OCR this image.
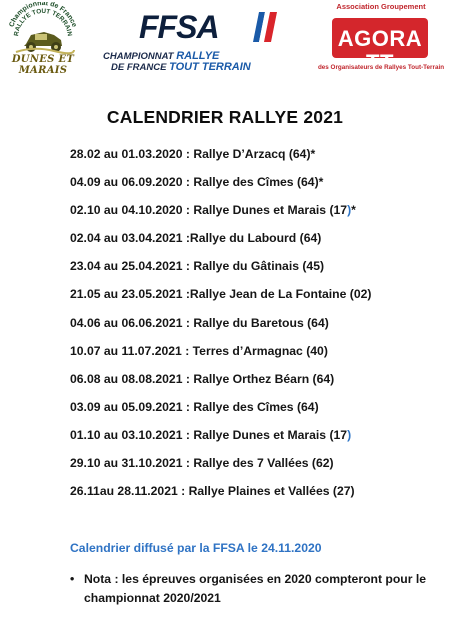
Championnat de France
RALLYE TOUT TERRAIN
DUNES ET MARAIS
FFSA
CHAMPIONNAT RALLYE
DE FRANCE TOUT TERRAIN
Association Groupement
AGORA TT
des Organisateurs de Rallyes Tout-Terrain
CALENDRIER RALLYE 2021
28.02 au 01.03.2020 : Rallye D’Arzacq (64)*
04.09 au 06.09.2020 : Rallye des Cîmes (64)*
02.10 au 04.10.2020 : Rallye Dunes et Marais (17)*
02.04 au 03.04.2021 :Rallye du Labourd (64)
23.04 au 25.04.2021 : Rallye du Gâtinais (45)
21.05 au 23.05.2021 :Rallye Jean de La Fontaine (02)
04.06 au 06.06.2021 : Rallye du Baretous (64)
10.07 au 11.07.2021 : Terres d’Armagnac (40)
06.08 au 08.08.2021 : Rallye Orthez Béarn (64)
03.09 au 05.09.2021 : Rallye des Cîmes (64)
01.10 au 03.10.2021 : Rallye Dunes et Marais (17)
29.10 au 31.10.2021 : Rallye des 7 Vallées (62)
26.11au 28.11.2021 : Rallye Plaines et Vallées (27)
Calendrier diffusé par la FFSA le 24.11.2020
• Nota : les épreuves organisées en 2020 compteront pour le championnat 2020/2021
